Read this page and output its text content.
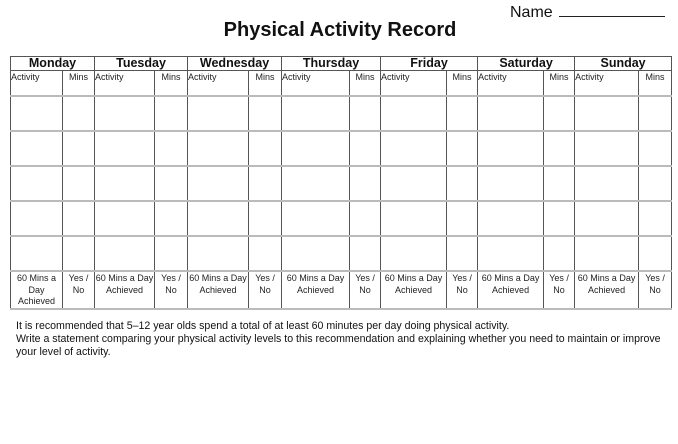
Name
Physical Activity Record
Monday		Tuesday		Wednesday		Thursday		Friday		Saturday		Sunday	
Activity	Mins	Activity	Mins	Activity	Mins	Activity	Mins	Activity	Mins	Activity	Mins	Activity	Mins

60 Mins a Day Achieved	Yes / No	60 Mins a Day Achieved	Yes / No	60 Mins a Day Achieved	Yes / No	60 Mins a Day Achieved	Yes / No	60 Mins a Day Achieved	Yes / No	60 Mins a Day Achieved	Yes / No	60 Mins a Day Achieved	Yes / No

It is recommended that 5–12 year olds spend a total of at least 60 minutes per day doing physical activity.

Write a statement comparing your physical activity levels to this recommendation and explaining whether you need to maintain or improve your level of activity.
